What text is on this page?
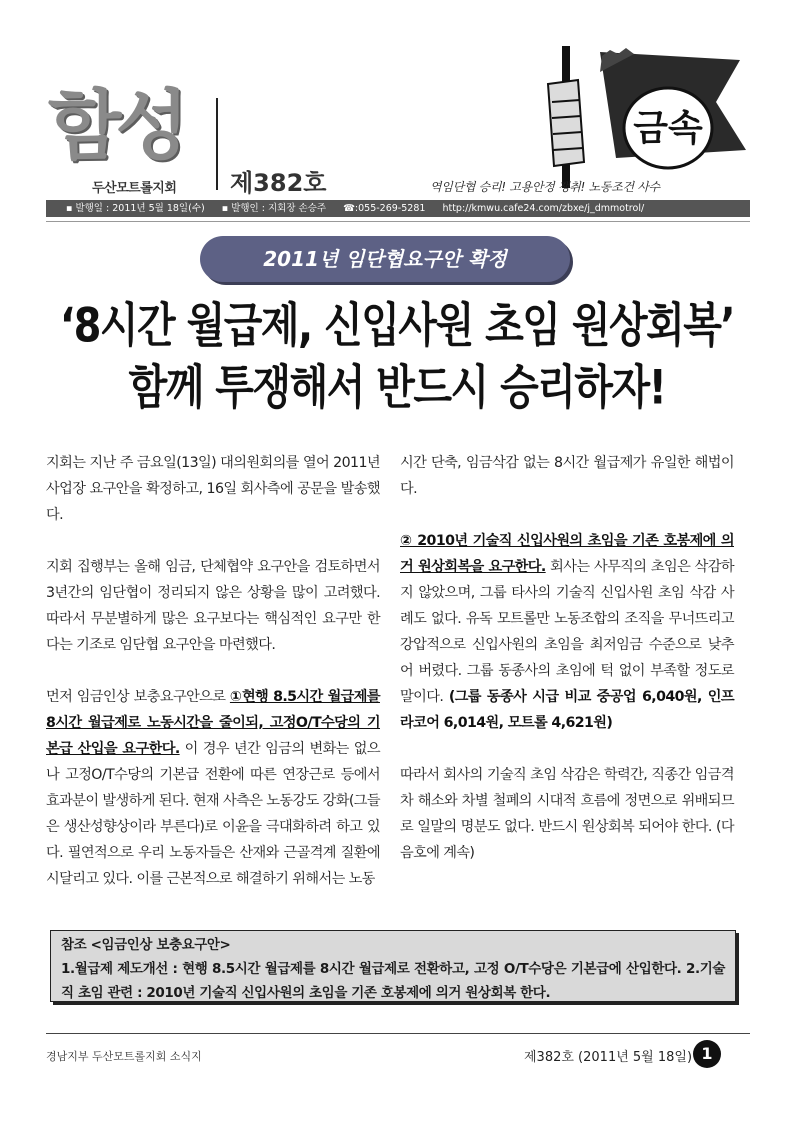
함성
두산모트롤지회 제382호
금속
역임단협 승리! 고용안정 쟁취! 노동조건 사수
▪ 발행일 : 2011년 5월 18일(수) ▪ 발행인 : 지회장 손승주 ☎:055-269-5281 http://kmwu.cafe24.com/zbxe/j_dmmotrol/
2011년 임단협요구안 확정
‘8시간 월급제, 신입사원 초임 원상회복’
함께 투쟁해서 반드시 승리하자!

지회는 지난 주 금요일(13일) 대의원회의를 열어 2011년 사업장 요구안을 확정하고, 16일 회사측에 공문을 발송했다.

지회 집행부는 올해 임금, 단체협약 요구안을 검토하면서 3년간의 임단협이 정리되지 않은 상황을 많이 고려했다. 따라서 무분별하게 많은 요구보다는 핵심적인 요구만 한다는 기조로 임단협 요구안을 마련했다.

먼저 임금인상 보충요구안으로 ①현행 8.5시간 월급제를 8시간 월급제로 노동시간을 줄이되, 고정O/T수당의 기본급 산입을 요구한다. 이 경우 년간 임금의 변화는 없으나 고정O/T수당의 기본급 전환에 따른 연장근로 등에서 효과분이 발생하게 된다. 현재 사측은 노동강도 강화(그들은 생산성향상이라 부른다)로 이윤을 극대화하려 하고 있다. 필연적으로 우리 노동자들은 산재와 근골격계 질환에 시달리고 있다. 이를 근본적으로 해결하기 위해서는 노동

시간 단축, 임금삭감 없는 8시간 월급제가 유일한 해법이다.

② 2010년 기술직 신입사원의 초임을 기존 호봉제에 의거 원상회복을 요구한다. 회사는 사무직의 초임은 삭감하지 않았으며, 그룹 타사의 기술직 신입사원 초임 삭감 사례도 없다. 유독 모트롤만 노동조합의 조직을 무너뜨리고 강압적으로 신입사원의 초임을 최저임금 수준으로 낮추어 버렸다. 그룹 동종사의 초임에 턱 없이 부족할 정도로 말이다. (그룹 동종사 시급 비교 중공업 6,040원, 인프라코어 6,014원, 모트롤 4,621원)

따라서 회사의 기술직 초임 삭감은 학력간, 직종간 임금격차 해소와 차별 철폐의 시대적 흐름에 정면으로 위배되므로 일말의 명분도 없다. 반드시 원상회복 되어야 한다. (다음호에 계속)

참조 <임금인상 보충요구안>
1.월급제 제도개선 : 현행 8.5시간 월급제를 8시간 월급제로 전환하고, 고정 O/T수당은 기본급에 산입한다. 2.기술직 초임 관련 : 2010년 기술직 신입사원의 초임을 기존 호봉제에 의거 원상회복 한다.
경남지부 두산모트롤지회 소식지	제382호 (2011년 5월 18일) 1
